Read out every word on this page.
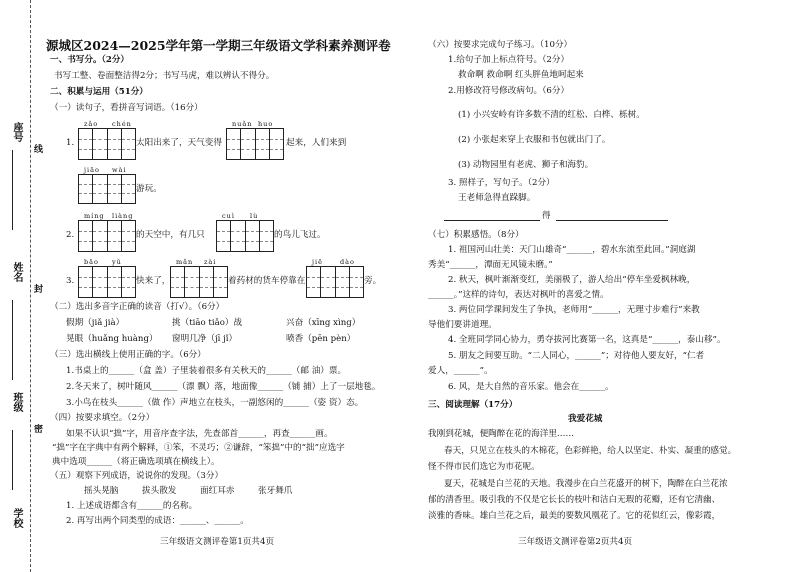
座号
姓名
班级
学校
线
封
密
源城区2024—2025学年第一学期三年级语文学科素养测评卷
一、书写分。（2分）
书写工整、卷面整洁得2分；书写马虎，难以辨认不得分。
二、积累与运用（51分）
（一）读句子，看拼音写词语。（16分）
zǎo chén
1.	太阳出来了，天气变得
nuǎn huo
起来，人们来到
jiāo wài
游玩。
míng liàng
2.	的天空中，有几只
cuì lù
的鸟儿飞过。
bāo yǔ
3.	快来了，
mǎn zài
着药材的货车停靠在
jiē	dào
旁。
（二）选出多音字正确的读音（打√）。（6分）
假期（jiǎ jià）	挑（tiāo tiǎo）战	兴奋（xīng xìng）
晃眼（huǎng huàng） 窗明几净（jī jǐ）	喷香（pēn pèn）
（三）选出横线上使用正确的字。（6分）
1.书桌上的______（盒 盖）子里装着很多有关秋天的______（邮 油）票。
2.冬天来了，树叶随风______（漂 飘）落，地面像______（铺 捕）上了一层地毯。
3.小鸟在枝头______（做 作）声地立在枝头，一副悠闲的______（姿 资）态。
（四）按要求填空。（2分）
如果不认识“拙”字，用音序查字法，先查部首______，再查______画。
“拙”字在字典中有两个解释，①笨，不灵巧；②谦辞，“笨拙”中的“拙”应选字
典中选项______（将正确选项填在横线上）。
（五）观察下列成语，说说你的发现。（3分）
摇头晃脑	拔头散发	面红耳赤	张牙舞爪
1. 上述成语都含有______的名称。
2. 再写出两个同类型的成语：______、______。
三年级语文测评卷第1页共4页
（六）按要求完成句子练习。（10分）
1.给句子加上标点符号。（2分）
救命啊 救命啊 红头胖鱼地呵起来
2.用修改符号修改病句。（6分）
(1) 小兴安岭有许多数不清的红松、白桦、栎树。
(2) 小张起来穿上衣服和书包就出门了。
(3) 动物园里有老虎、狮子和海豹。
3. 照样子，写句子。（2分）
王老师急得直跺脚。
得
（七）积累感悟。（8分）
1. 祖国河山壮美：天门山雄奇“______，碧水东流至此回。”洞庭湖
秀美“______，潭面无风镜未磨。”
2. 秋天，枫叶渐渐变红，美丽极了，游人给出“停车坐爱枫林晚，
______。”这样的诗句，表达对枫叶的喜爱之情。
3. 两位同学课间发生了争执，老师用“______，无理寸步难行”来教
导他们要讲道理。
4. 全班同学同心协力，勇夺拔河比赛第一名，这真是“______，泰山移”。
5. 朋友之间要互助。“二人同心，______”；对待他人要友好，“仁者
爱人，______”。
6. 风，是大自然的音乐家。他会在______。
三、阅读理解（17分）
我爱花城
我刚到花城，便陶醉在花的海洋里……
春天，只见立在枝头的木棉花，色彩鲜艳，给人以坚定、朴实、凝重的感觉。
怪不得市民们选它为市花呢。
夏天，花城是白兰花的天地。我漫步在白兰花盛开的树下，陶醉在白兰花浓
郁的清香里。吸引我的不仅是它长长的枝叶和洁白无瑕的花瓣，还有它清幽、
淡雅的香味。雄白兰花之后，最美的要数风凰花了。它的花似红云，像彩霞，
三年级语文测评卷第2页共4页
